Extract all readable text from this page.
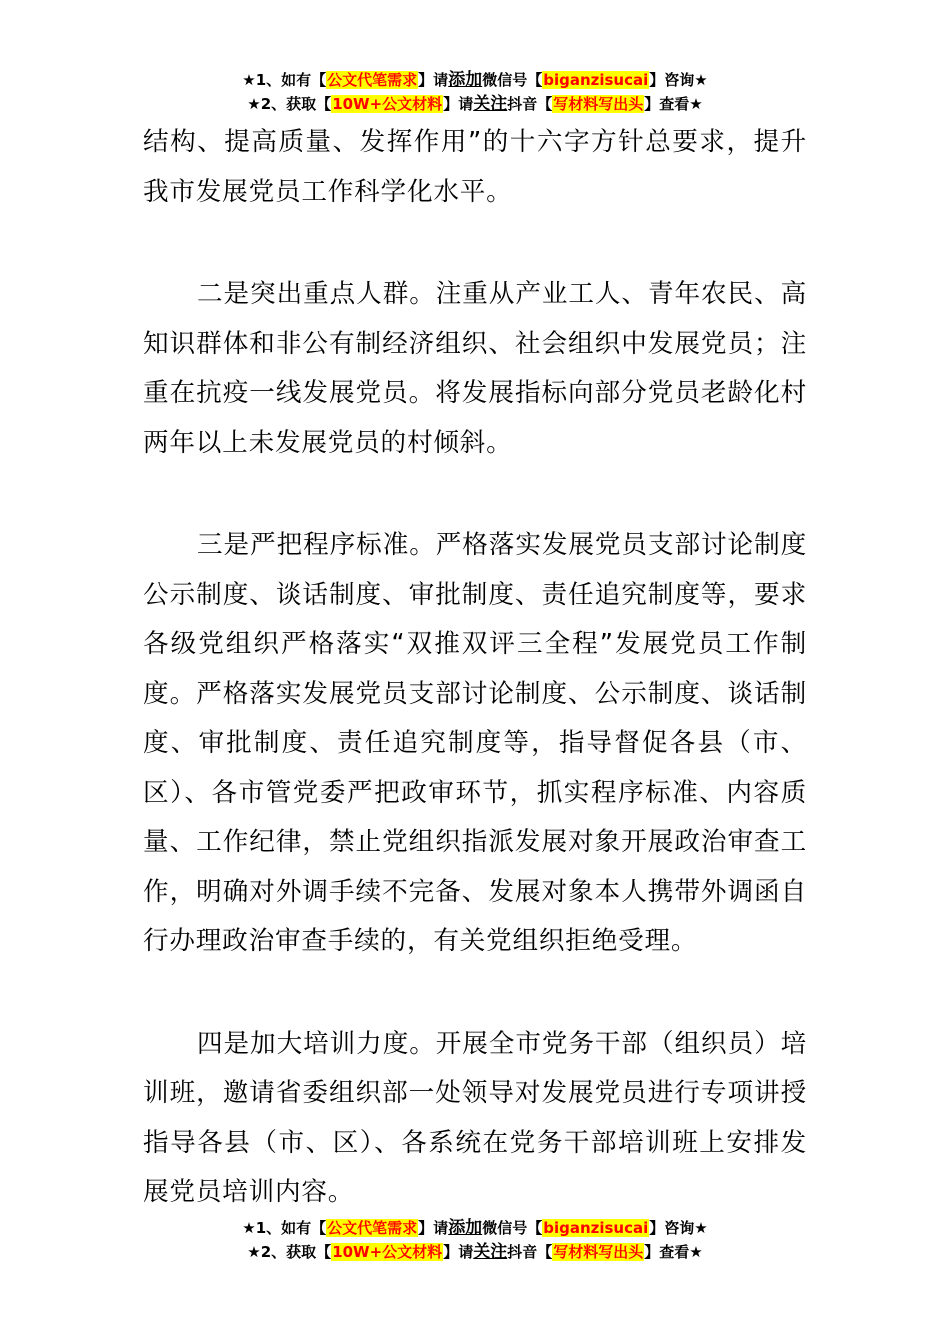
★1、如有【公文代笔需求】请添加微信号【biganzisucai】咨询★
★2、获取【10W+公文材料】请关注抖音【写材料写出头】查看★

结构、提高质量、发挥作用”的十六字方针总要求，提升我市发展党员工作科学化水平。

二是突出重点人群。注重从产业工人、青年农民、高知识群体和非公有制经济组织、社会组织中发展党员；注重在抗疫一线发展党员。将发展指标向部分党员老龄化村两年以上未发展党员的村倾斜。

三是严把程序标准。严格落实发展党员支部讨论制度公示制度、谈话制度、审批制度、责任追究制度等，要求各级党组织严格落实“双推双评三全程”发展党员工作制度。严格落实发展党员支部讨论制度、公示制度、谈话制度、审批制度、责任追究制度等，指导督促各县（市、区）、各市管党委严把政审环节，抓实程序标准、内容质量、工作纪律，禁止党组织指派发展对象开展政治审查工作，明确对外调手续不完备、发展对象本人携带外调函自行办理政治审查手续的，有关党组织拒绝受理。

四是加大培训力度。开展全市党务干部（组织员）培训班，邀请省委组织部一处领导对发展党员进行专项讲授指导各县（市、区）、各系统在党务干部培训班上安排发展党员培训内容。

★1、如有【公文代笔需求】请添加微信号【biganzisucai】咨询★
★2、获取【10W+公文材料】请关注抖音【写材料写出头】查看★
